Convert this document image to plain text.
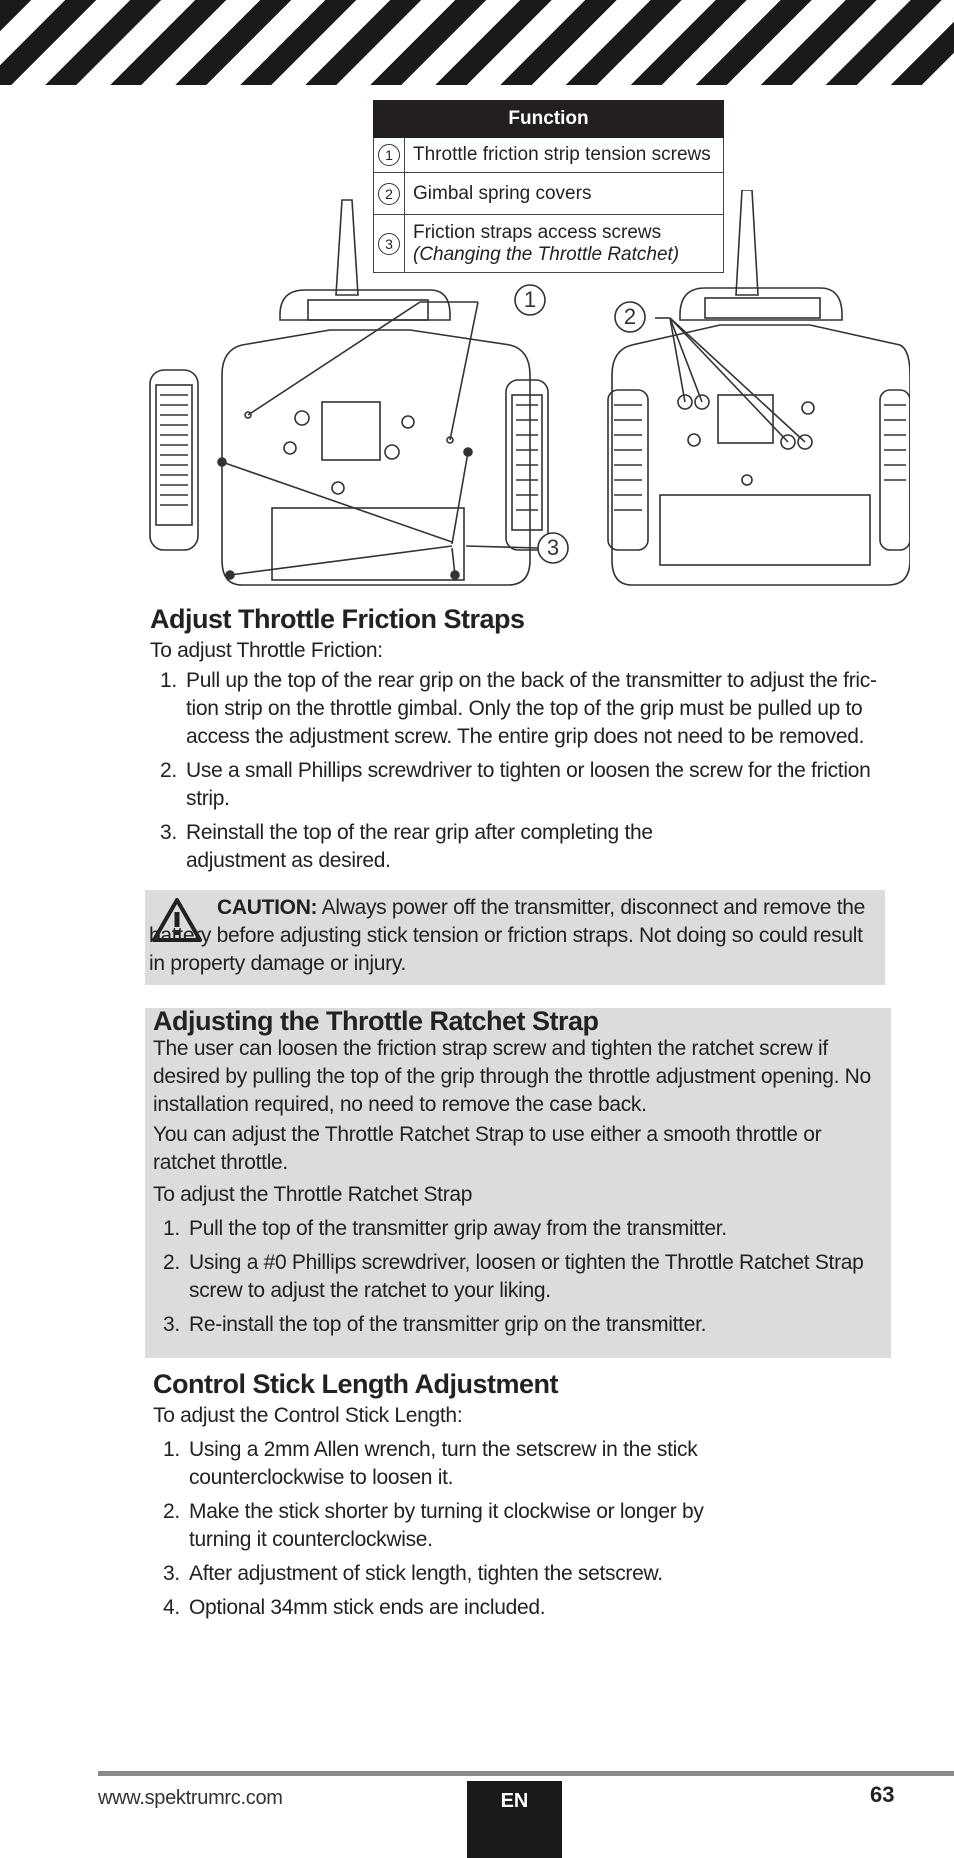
Function	
1	Throttle friction strip tension screws
2	Gimbal spring covers
3	Friction straps access screws
(Changing the Throttle Ratchet)
1
2
3
Adjust Throttle Friction Straps

To adjust Throttle Friction:

1. Pull up the top of the rear grip on the back of the transmitter to adjust the fric-tion strip on the throttle gimbal. Only the top of the grip must be pulled up to access the adjustment screw. The entire grip does not need to be removed.
2. Use a small Phillips screwdriver to tighten or loosen the screw for the friction strip.
3. Reinstall the top of the rear grip after completing the adjustment as desired.
CAUTION: Always power off the transmitter, disconnect and remove the battery before adjusting stick tension or friction straps. Not doing so could result in property damage or injury.
Adjusting the Throttle Ratchet Strap

The user can loosen the friction strap screw and tighten the ratchet screw if desired by pulling the top of the grip through the throttle adjustment opening. No installation required, no need to remove the case back.

You can adjust the Throttle Ratchet Strap to use either a smooth throttle or ratchet throttle.

To adjust the Throttle Ratchet Strap

1. Pull the top of the transmitter grip away from the transmitter.
2. Using a #0 Phillips screwdriver, loosen or tighten the Throttle Ratchet Strap screw to adjust the ratchet to your liking.
3. Re-install the top of the transmitter grip on the transmitter.
Control Stick Length Adjustment

To adjust the Control Stick Length:

1. Using a 2mm Allen wrench, turn the setscrew in the stick counterclockwise to loosen it.
2. Make the stick shorter by turning it clockwise or longer by turning it counterclockwise.
3. After adjustment of stick length, tighten the setscrew.
4. Optional 34mm stick ends are included.
www.spektrumrc.com	EN	63
